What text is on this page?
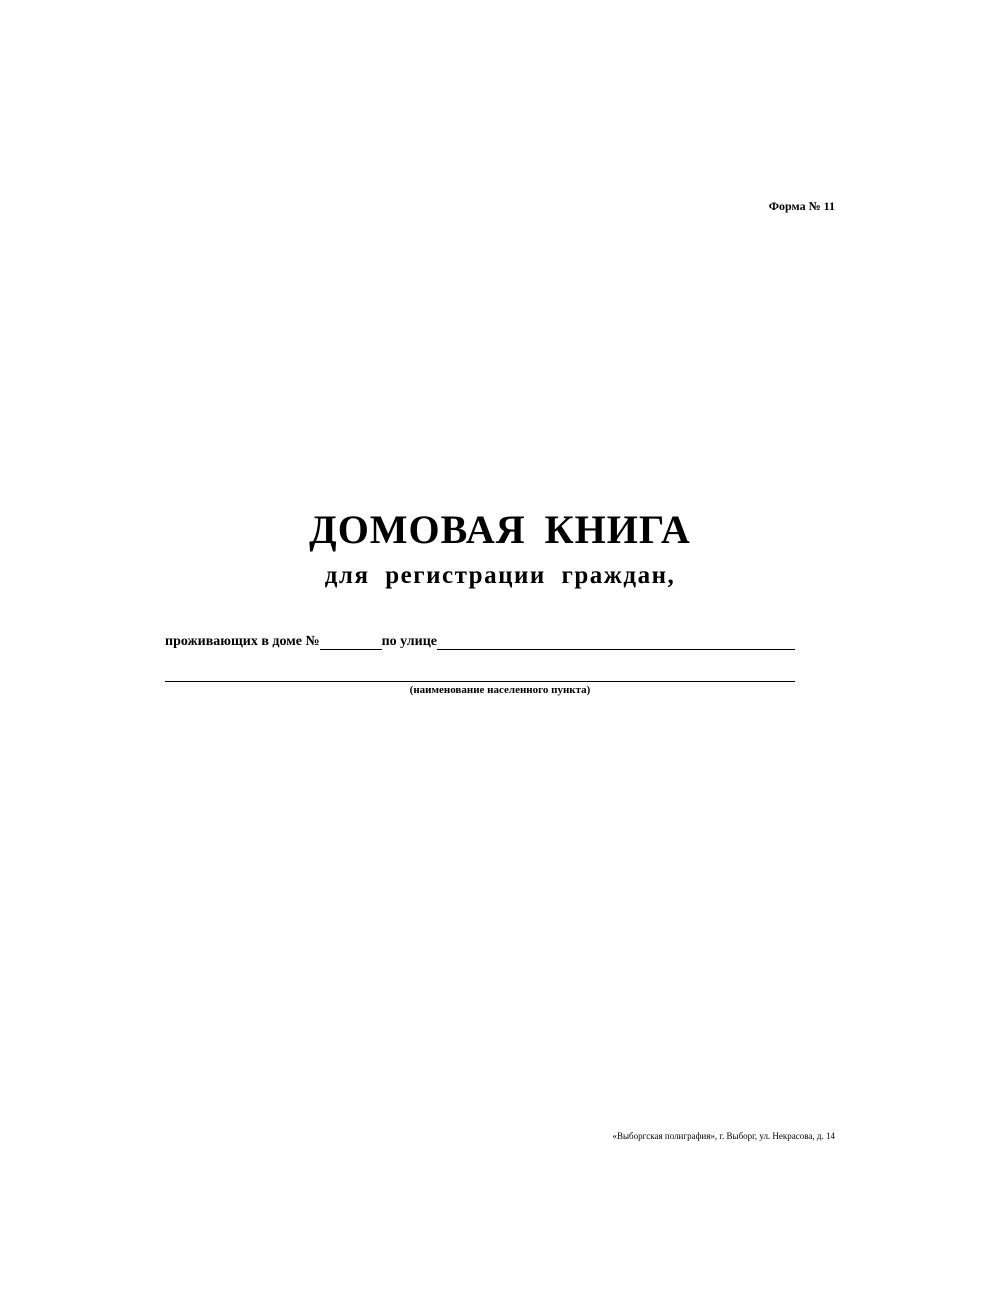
Форма № 11
ДОМОВАЯ КНИГА
для регистрации граждан,
проживающих в доме №	по улице
(наименование населенного пункта)
«Выборгская полиграфия», г. Выборг, ул. Некрасова, д. 14
